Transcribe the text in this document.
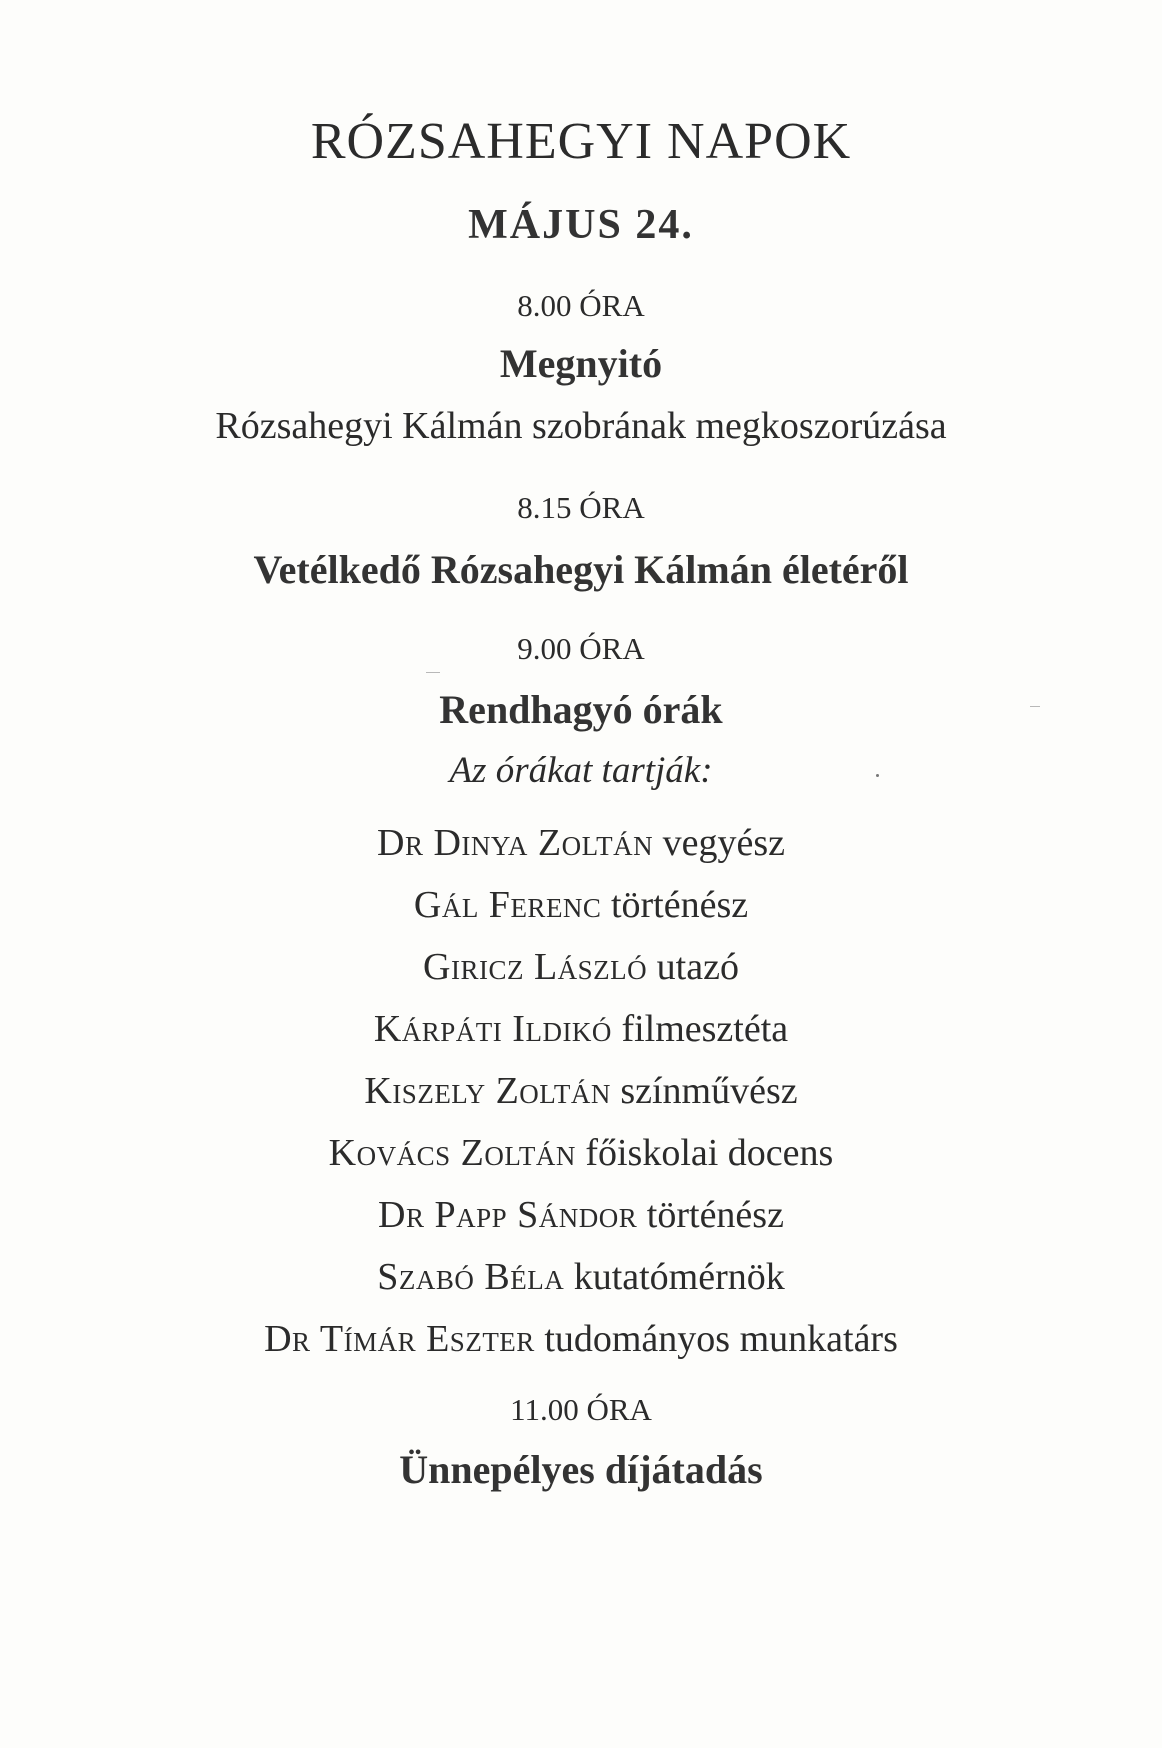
RÓZSAHEGYI NAPOK
MÁJUS 24.
8.00 ÓRA
Megnyitó
Rózsahegyi Kálmán szobrának megkoszorúzása
8.15 ÓRA
Vetélkedő Rózsahegyi Kálmán életéről
9.00 ÓRA
Rendhagyó órák
Az órákat tartják:
Dr Dinya Zoltán vegyész
Gál Ferenc történész
Giricz László utazó
Kárpáti Ildikó filmesztéta
Kiszely Zoltán színművész
Kovács Zoltán főiskolai docens
Dr Papp Sándor történész
Szabó Béla kutatómérnök
Dr Tímár Eszter tudományos munkatárs
11.00 ÓRA
Ünnepélyes díjátadás
